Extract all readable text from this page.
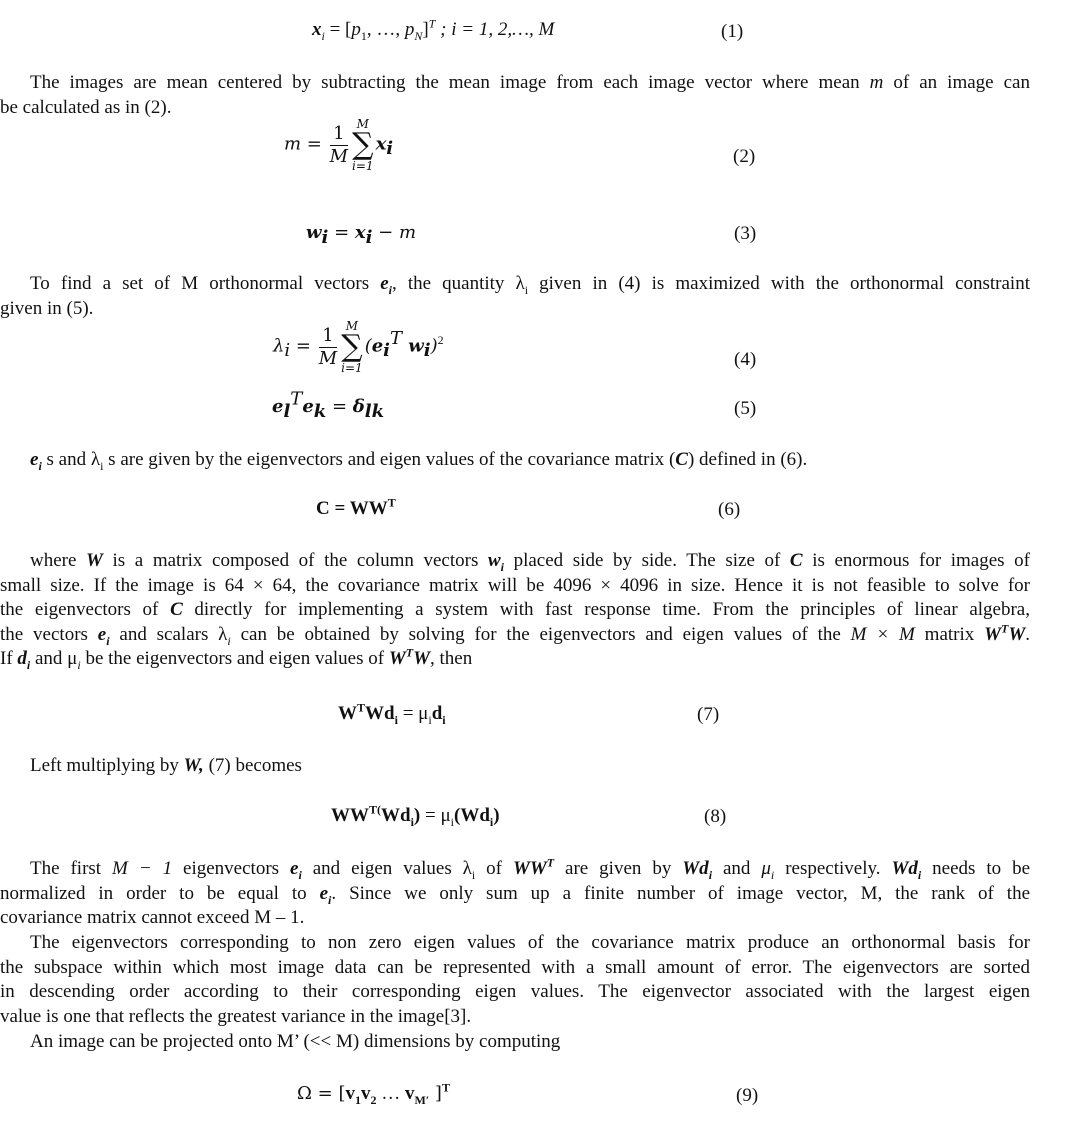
$x_i = [p_1$, …, $p_N]^T$ ; i = 1, 2,…, M	(1)
The images are mean centered by subtracting the mean image from each image vector where mean m of an image can
be calculated as in (2).
$m = \frac{1}{M}$ M
∑
i=1
$x_i$	(2)
$w_i = x_i - m$	(3)
To find a set of M orthonormal vectors $e_i$, the quantity $\lambda_i$ given in (4) is maximized with the orthonormal constraint
given in (5).
$\lambda_i = \frac{1}{M}$ M
∑
i=1
($e_i^T$ $w_i)^2$
(4)
$e_l^Te_k = \delta_{lk}$	(5)
$e_i$ s and $\lambda_i$ s are given by the eigenvectors and eigen values of the covariance matrix (C) defined in (6).
$C = WW^T$	(6)
where W is a matrix composed of the column vectors $w_i$ placed side by side. The size of C is enormous for images of
small size. If the image is 64 × 64, the covariance matrix will be 4096 × 4096 in size. Hence it is not feasible to solve for
the eigenvectors of C directly for implementing a system with fast response time. From the principles of linear algebra,
the vectors $e_i$ and scalars $\lambda_i$ can be obtained by solving for the eigenvectors and eigen values of the M × M matrix $W^TW$.
If $d_i$ and $\mu_i$ be the eigenvectors and eigen values of $W^TW$, then
$W^TWd_i = \mu_id_i$	(7)
Left multiplying by W, (7) becomes
$WW^{T(}Wd_i) = \mu_i(Wd_i)$	(8)
The first M − 1 eigenvectors $e_i$ and eigen values $\lambda_i$ of $WW^T$ are given by $Wd_i$ and $\mu_i$ respectively. $Wd_i$ needs to be
normalized in order to be equal to $e_i$. Since we only sum up a finite number of image vector, M, the rank of the
covariance matrix cannot exceed M – 1.
The eigenvectors corresponding to non zero eigen values of the covariance matrix produce an orthonormal basis for
the subspace within which most image data can be represented with a small amount of error. The eigenvectors are sorted
in descending order according to their corresponding eigen values. The eigenvector associated with the largest eigen
value is one that reflects the greatest variance in the image[3].
An image can be projected onto M’ (<< M) dimensions by computing
$\Omega = [v_1v_2$ … $v_{M'}$ ]$^T$	(9)
